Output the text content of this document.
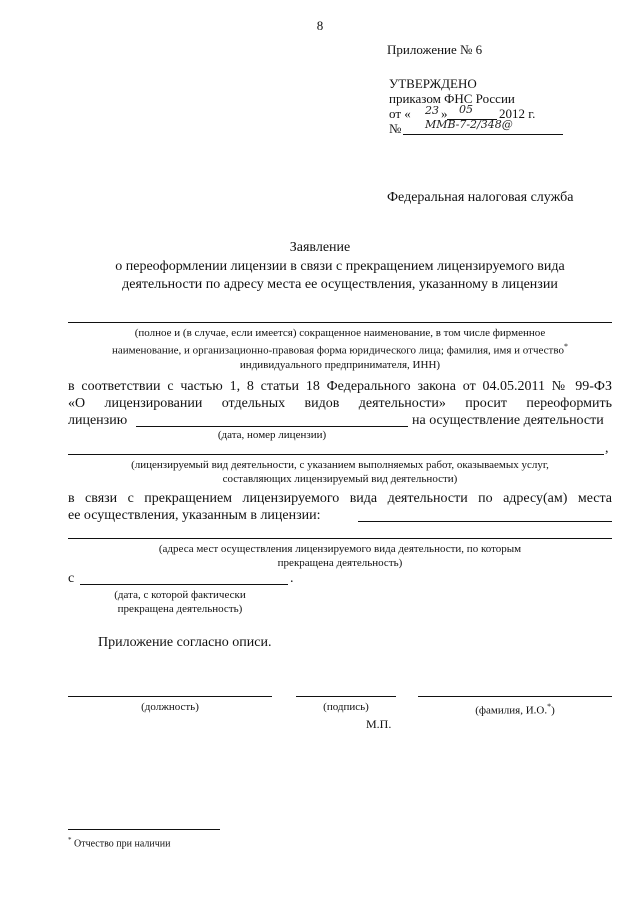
8
Приложение № 6
УТВЕРЖДЕНО
приказом ФНС России
от « 23 » 05 2012 г.
№ ММВ-7-2/348@
Федеральная налоговая служба
Заявление
о переоформлении лицензии в связи с прекращением лицензируемого вида деятельности по адресу места ее осуществления, указанному в лицензии
(полное и (в случае, если имеется) сокращенное наименование, в том числе фирменное
наименование, и организационно-правовая форма юридического лица; фамилия, имя и отчество*
индивидуального предпринимателя, ИНН)
в соответствии с частью 1, 8 статьи 18 Федерального закона от 04.05.2011 № 99-ФЗ
«О лицензировании отдельных видов деятельности» просит переоформить
лицензию	на осуществление деятельности
(дата, номер лицензии)
,
(лицензируемый вид деятельности, с указанием выполняемых работ, оказываемых услуг,
составляющих лицензируемый вид деятельности)
в связи с прекращением лицензируемого вида деятельности по адресу(ам) места
ее осуществления, указанным в лицензии:
(адреса мест осуществления лицензируемого вида деятельности, по которым
прекращена деятельность)
с	.
(дата, с которой фактически
прекращена деятельность)
Приложение согласно описи.
(должность)	(подпись)	(фамилия, И.О.*)
М.П.
* Отчество при наличии
